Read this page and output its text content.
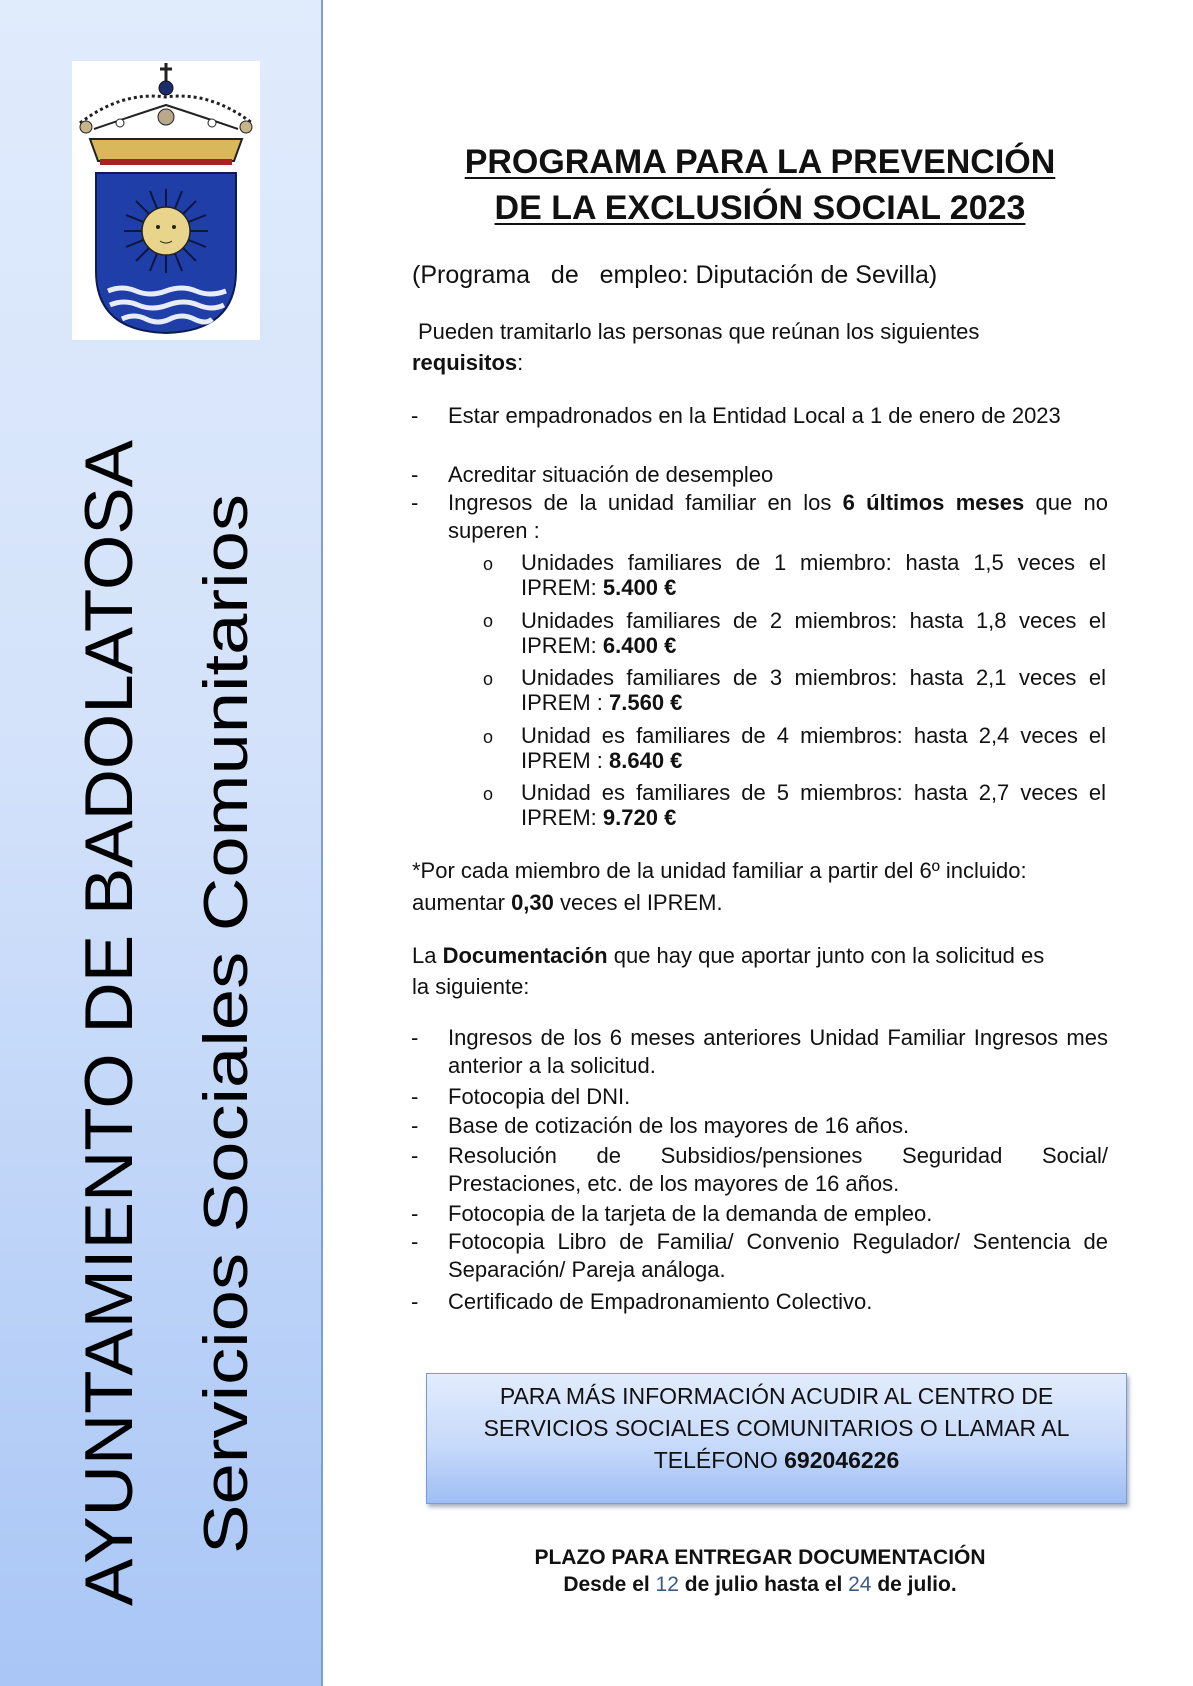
AYUNTAMIENTO DE BADOLATOSA Servicios Sociales Comunitarios
PROGRAMA PARA LA PREVENCIÓN
DE LA EXCLUSIÓN SOCIAL 2023
(Programa   de   empleo: Diputación de Sevilla)
Pueden tramitarlo las personas que reúnan los siguientes
requisitos:
- Estar empadronados en la Entidad Local a 1 de enero de 2023
- Acreditar situación de desempleo
- Ingresos de la unidad familiar en los 6 últimos meses que no superen :
o Unidades familiares de 1 miembro: hasta 1,5 veces el IPREM: 5.400 €
o Unidades familiares de 2 miembros: hasta 1,8 veces el IPREM: 6.400 €
o Unidades familiares de 3 miembros: hasta 2,1 veces el IPREM : 7.560 €
o Unidad es familiares de 4 miembros: hasta 2,4 veces el IPREM : 8.640 €
o Unidad es familiares de 5 miembros: hasta 2,7 veces el IPREM: 9.720 €
*Por cada miembro de la unidad familiar a partir del 6º incluido:
aumentar 0,30 veces el IPREM.
La Documentación que hay que aportar junto con la solicitud es
la siguiente:
- Ingresos de los 6 meses anteriores Unidad Familiar Ingresos mes anterior a la solicitud.
- Fotocopia del DNI.
- Base de cotización de los mayores de 16 años.
- Resolución de Subsidios/pensiones Seguridad Social/ Prestaciones, etc. de los mayores de 16 años.
- Fotocopia de la tarjeta de la demanda de empleo.
- Fotocopia Libro de Familia/ Convenio Regulador/ Sentencia de Separación/ Pareja análoga.
- Certificado de Empadronamiento Colectivo.
PARA MÁS INFORMACIÓN ACUDIR AL CENTRO DE
SERVICIOS SOCIALES COMUNITARIOS O LLAMAR AL
TELÉFONO 692046226
PLAZO PARA ENTREGAR DOCUMENTACIÓN
Desde el 12 de julio hasta el 24 de julio.
